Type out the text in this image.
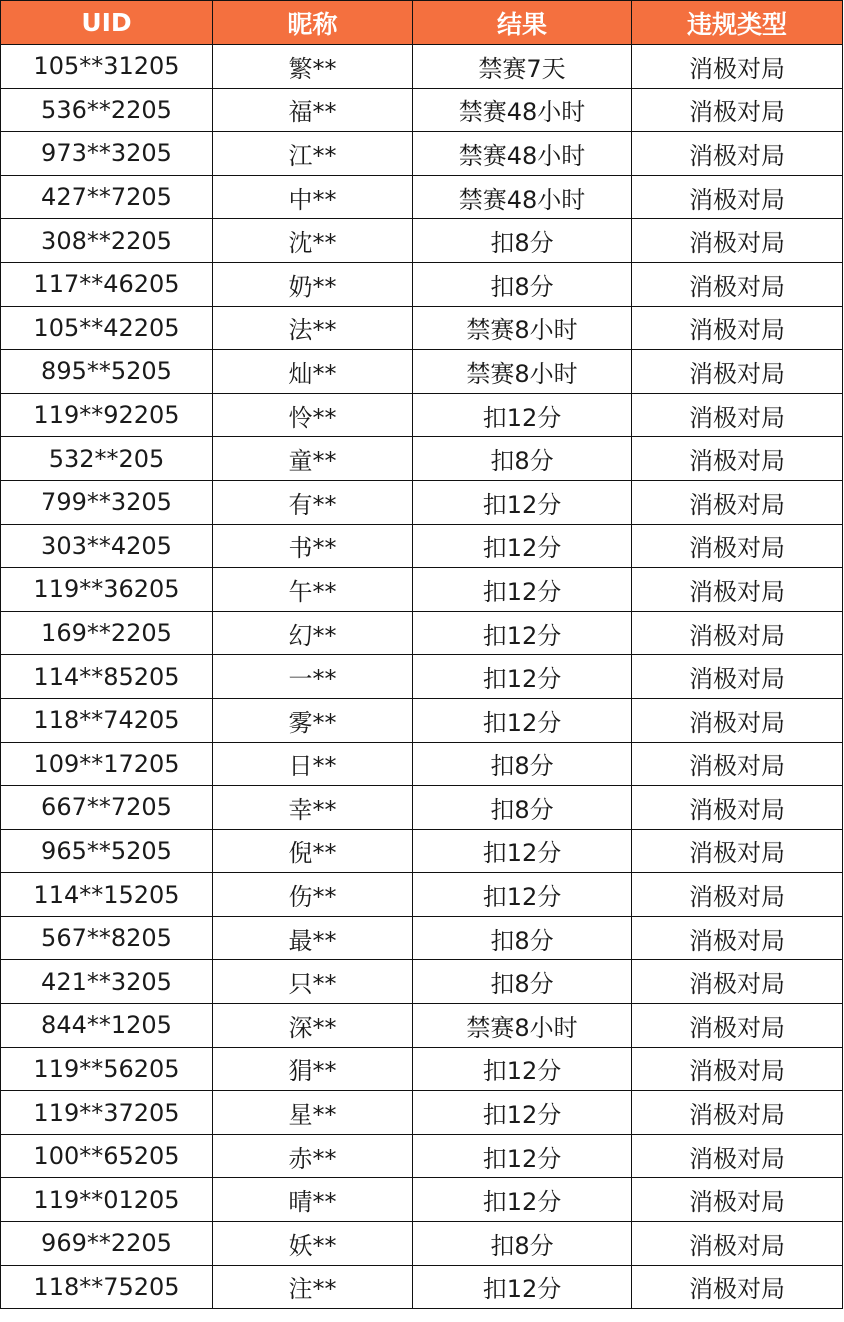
UID	昵称	结果	违规类型
105**31205	繁**	禁赛7天	消极对局
536**2205	福**	禁赛48小时	消极对局
973**3205	江**	禁赛48小时	消极对局
427**7205	中**	禁赛48小时	消极对局
308**2205	沈**	扣8分	消极对局
117**46205	奶**	扣8分	消极对局
105**42205	法**	禁赛8小时	消极对局
895**5205	灿**	禁赛8小时	消极对局
119**92205	怜**	扣12分	消极对局
532**205	童**	扣8分	消极对局
799**3205	有**	扣12分	消极对局
303**4205	书**	扣12分	消极对局
119**36205	午**	扣12分	消极对局
169**2205	幻**	扣12分	消极对局
114**85205	一**	扣12分	消极对局
118**74205	雾**	扣12分	消极对局
109**17205	日**	扣8分	消极对局
667**7205	幸**	扣8分	消极对局
965**5205	倪**	扣12分	消极对局
114**15205	伤**	扣12分	消极对局
567**8205	最**	扣8分	消极对局
421**3205	只**	扣8分	消极对局
844**1205	深**	禁赛8小时	消极对局
119**56205	狷**	扣12分	消极对局
119**37205	星**	扣12分	消极对局
100**65205	赤**	扣12分	消极对局
119**01205	晴**	扣12分	消极对局
969**2205	妖**	扣8分	消极对局
118**75205	注**	扣12分	消极对局
